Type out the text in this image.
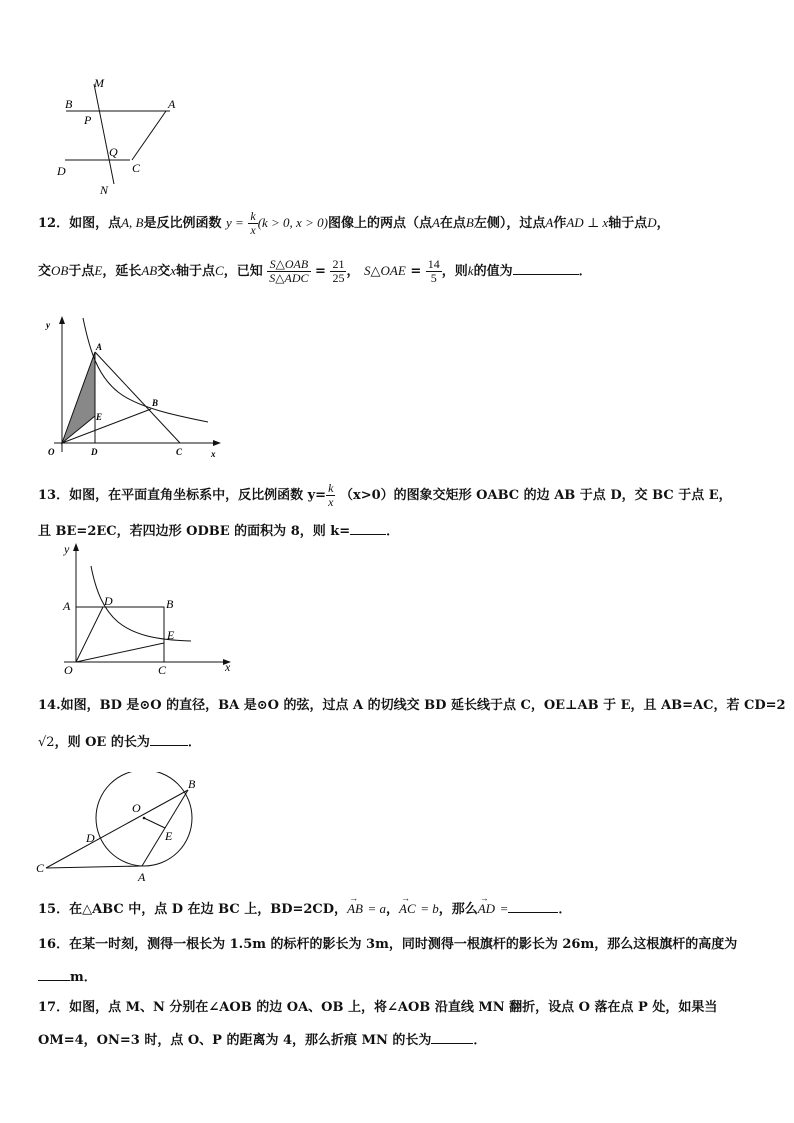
M
B	A
P
Q
D	C
N
12．如图，点A, B是反比例函数 $y = \frac{k}{x} (k > 0$, x > 0)图像上的两点（点A在点B左侧），过点A作AD ⊥ x轴于点D，
交OB于点E，延长AB交x轴于点C，已知 $\frac{\text{S△OAB}}{\text{S△ADC}} = \frac{21}{25}$ ， S△OAE = $\frac{14}{5}$ ，则k的值为	．
y
A
B
E
O	D	C	x
13．如图，在平面直角坐标系中，反比例函数 $y= \frac{k}{x} (x>0)$的图象交矩形 OABC 的边 AB 于点 D，交 BC 于点 E，
且 BE=2EC，若四边形 ODBE 的面积为 8，则 k=	．
y
A	D	B
E
O	C	x
14.如图，BD 是⊙O 的直径，BA 是⊙O 的弦，过点 A 的切线交 BD 延长线于点 C，OE⊥AB 于 E，且 AB=AC，若 CD=2
√2，则 OE 的长为	．
B
O
D	E
C
A
15．在△ABC 中，点 D 在边 BC 上，BD=2CD，→ AB = a，→ AC = b，那么→ AD =	．
16．在某一时刻，测得一根长为 1.5m 的标杆的影长为 3m，同时测得一根旗杆的影长为 26m，那么这根旗杆的高度为
m．
17．如图，点 M、N 分别在∠AOB 的边 OA、OB 上，将∠AOB 沿直线 MN 翻折，设点 O 落在点 P 处，如果当
OM=4，ON=3 时，点 O、P 的距离为 4，那么折痕 MN 的长为	．
